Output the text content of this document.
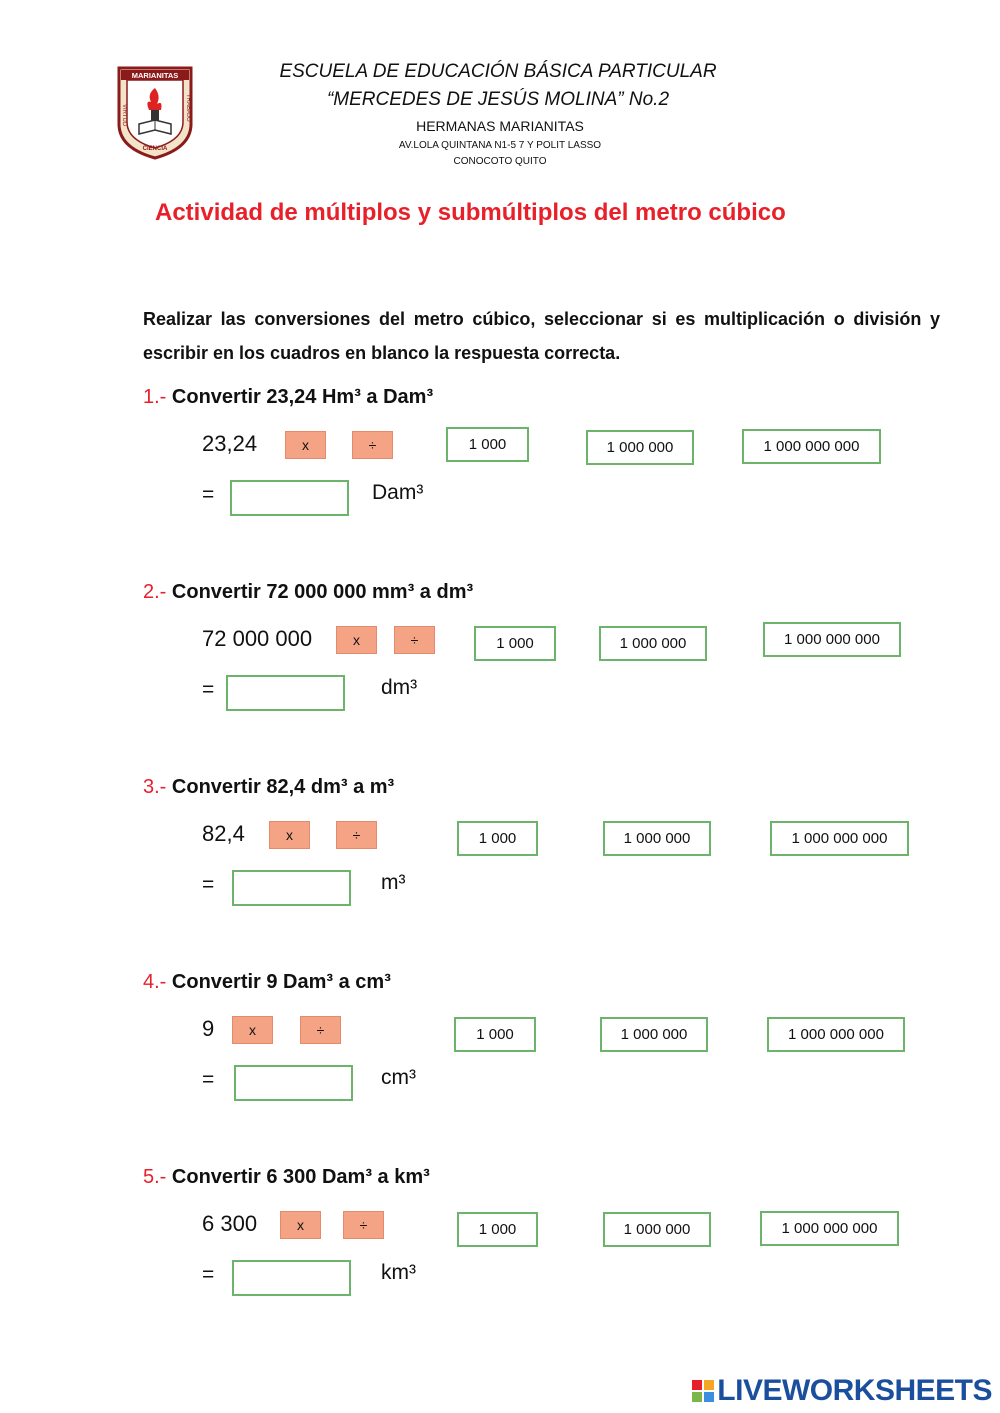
MARIANITAS
VIRTUD	TRABAJO
CIENCIA
ESCUELA DE EDUCACIÓN BÁSICA PARTICULAR
“MERCEDES DE JESÚS MOLINA” No.2
HERMANAS MARIANITAS
AV.LOLA QUINTANA N1-5 7 Y POLIT LASSO
CONOCOTO QUITO
Actividad de múltiplos y submúltiplos del metro cúbico
Realizar las conversiones del metro cúbico, seleccionar si es multiplicación o división y escribir en los cuadros en blanco la respuesta correcta.
1.- Convertir 23,24 Hm³ a Dam³
23,24	x	÷	1 000	1 000 000	1 000 000 000
=	Dam³
2.- Convertir 72 000 000 mm³ a dm³
72 000 000	x	÷	1 000	1 000 000	1 000 000 000
=	dm³
3.- Convertir 82,4 dm³ a m³
82,4	x	÷	1 000	1 000 000	1 000 000 000
=	m³
4.- Convertir 9 Dam³ a cm³
9	x	÷	1 000	1 000 000	1 000 000 000
=	cm³
5.- Convertir 6 300 Dam³ a km³
6 300	x	÷	1 000	1 000 000	1 000 000 000
=	km³
LIVEWORKSHEETS
